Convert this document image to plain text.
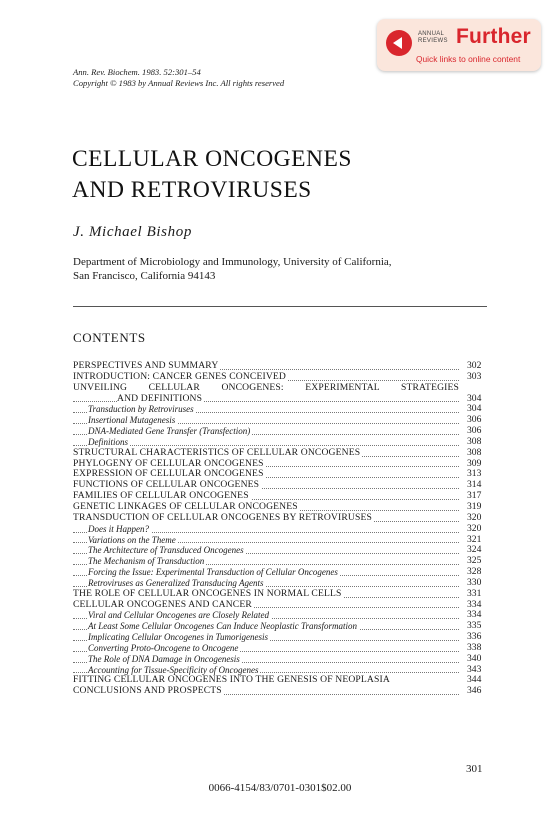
ANNUAL
REVIEWS Further
Quick links to online content
Ann. Rev. Biochem. 1983. 52:301–54
Copyright © 1983 by Annual Reviews Inc. All rights reserved
CELLULAR ONCOGENES
AND RETROVIRUSES
J. Michael Bishop
Department of Microbiology and Immunology, University of California,
San Francisco, California 94143
CONTENTS
PERSPECTIVES AND SUMMARY	302
INTRODUCTION: CANCER GENES CONCEIVED	303
UNVEILING CELLULAR ONCOGENES: EXPERIMENTAL STRATEGIES
AND DEFINITIONS	304
Transduction by Retroviruses	304
Insertional Mutagenesis	306
DNA-Mediated Gene Transfer (Transfection)	306
Definitions	308
STRUCTURAL CHARACTERISTICS OF CELLULAR ONCOGENES	308
PHYLOGENY OF CELLULAR ONCOGENES	309
EXPRESSION OF CELLULAR ONCOGENES	313
FUNCTIONS OF CELLULAR ONCOGENES	314
FAMILIES OF CELLULAR ONCOGENES	317
GENETIC LINKAGES OF CELLULAR ONCOGENES	319
TRANSDUCTION OF CELLULAR ONCOGENES BY RETROVIRUSES	320
Does it Happen?	320
Variations on the Theme	321
The Architecture of Transduced Oncogenes	324
The Mechanism of Transduction	325
Forcing the Issue: Experimental Transduction of Cellular Oncogenes	328
Retroviruses as Generalized Transducing Agents	330
THE ROLE OF CELLULAR ONCOGENES IN NORMAL CELLS	331
CELLULAR ONCOGENES AND CANCER	334
Viral and Cellular Oncogenes are Closely Related	334
At Least Some Cellular Oncogenes Can Induce Neoplastic Transformation	335
Implicating Cellular Oncogenes in Tumorigenesis	336
Converting Proto-Oncogene to Oncogene	338
The Role of DNA Damage in Oncogenesis	340
Accounting for Tissue-Specificity of Oncogenes	343
FITTING CELLULAR ONCOGENES INTO THE GENESIS OF NEOPLASIA	344
CONCLUSIONS AND PROSPECTS	346
301
0066-4154/83/0701-0301$02.00
